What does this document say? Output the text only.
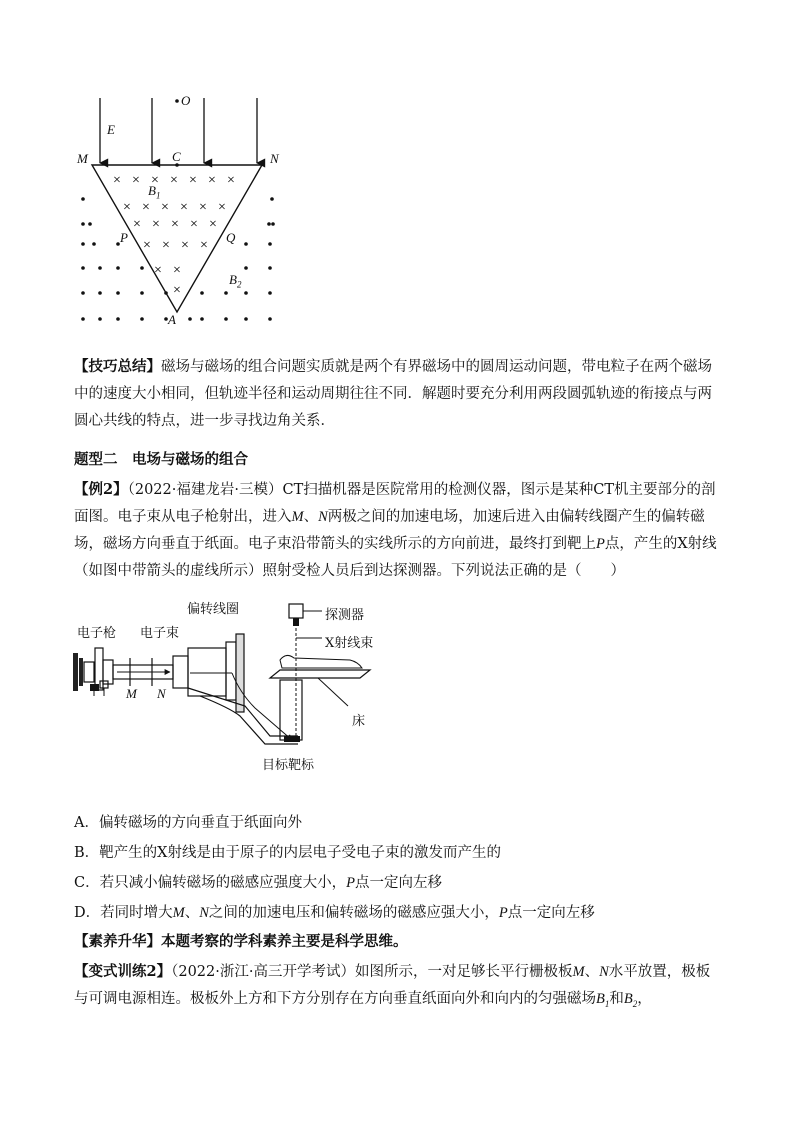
× × × × × × ×
× × × × × ×
× × × × ×
× × × ×
× ×
×
O
E
M	C	N
$B_1$
P	Q
$B_2$
A
【技巧总结】磁场与磁场的组合问题实质就是两个有界磁场中的圆周运动问题，带电粒子在两个磁场中的速度大小相同，但轨迹半径和运动周期往往不同．解题时要充分利用两段圆弧轨迹的衔接点与两圆心共线的特点，进一步寻找边角关系．
题型二　电场与磁场的组合
【例2】（2022·福建龙岩·三模）CT扫描机器是医院常用的检测仪器，图示是某种CT机主要部分的剖面图。电子束从电子枪射出，进入M、N两极之间的加速电场，加速后进入由偏转线圈产生的偏转磁场，磁场方向垂直于纸面。电子束沿带箭头的实线所示的方向前进，最终打到靶上P点，产生的X射线（如图中带箭头的虚线所示）照射受检人员后到达探测器。下列说法正确的是（　　）
电子枪 电子束
偏转线圈	探测器
X射线束
床
目标靶标
M N
A．偏转磁场的方向垂直于纸面向外
B．靶产生的X射线是由于原子的内层电子受电子束的激发而产生的
C．若只减小偏转磁场的磁感应强度大小，P点一定向左移
D．若同时增大M、N之间的加速电压和偏转磁场的磁感应强大小，P点一定向左移
【素养升华】本题考察的学科素养主要是科学思维。
【变式训练2】（2022·浙江·高三开学考试）如图所示，一对足够长平行栅极板M、N水平放置，极板与可调电源相连。极板外上方和下方分别存在方向垂直纸面向外和向内的匀强磁场$B_1$和$B_2$，
